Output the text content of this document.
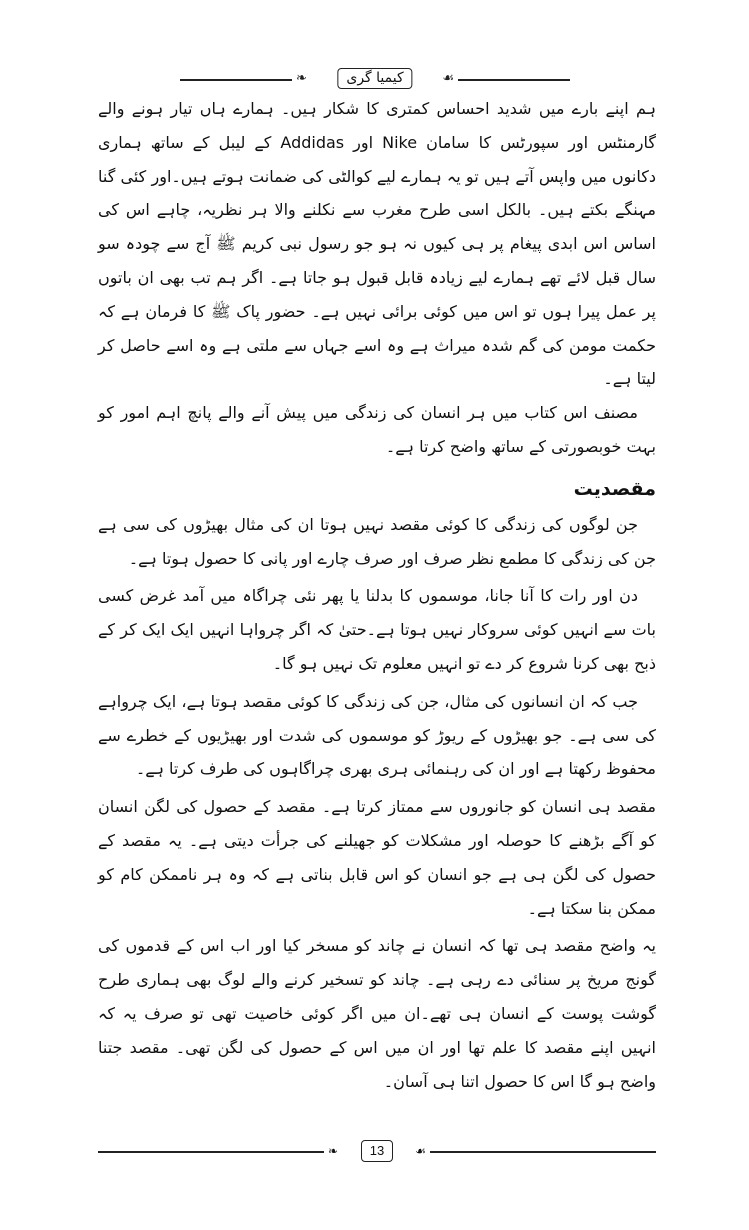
❧	کیمیا گری	☙

ہم اپنے بارے میں شدید احساس کمتری کا شکار ہیں۔ ہمارے ہاں تیار ہونے والے گارمنٹس اور سپورٹس کا سامان Nike اور Addidas کے لیبل کے ساتھ ہماری دکانوں میں واپس آتے ہیں تو یہ ہمارے لیے کوالٹی کی ضمانت ہوتے ہیں۔اور کئی گنا مہنگے بکتے ہیں۔ بالکل اسی طرح مغرب سے نکلنے والا ہر نظریہ، چاہے اس کی اساس اس ابدی پیغام پر ہی کیوں نہ ہو جو رسول نبی کریم ﷺ آج سے چودہ سو سال قبل لائے تھے ہمارے لیے زیادہ قابل قبول ہو جاتا ہے۔ اگر ہم تب بھی ان باتوں پر عمل پیرا ہوں تو اس میں کوئی برائی نہیں ہے۔ حضور پاک ﷺ کا فرمان ہے کہ حکمت مومن کی گم شدہ میراث ہے وہ اسے جہاں سے ملتی ہے وہ اسے حاصل کر لیتا ہے۔

مصنف اس کتاب میں ہر انسان کی زندگی میں پیش آنے والے پانچ اہم امور کو بہت خوبصورتی کے ساتھ واضح کرتا ہے۔

مقصدیت

جن لوگوں کی زندگی کا کوئی مقصد نہیں ہوتا ان کی مثال بھیڑوں کی سی ہے جن کی زندگی کا مطمع نظر صرف اور صرف چارے اور پانی کا حصول ہوتا ہے۔

دن اور رات کا آنا جانا، موسموں کا بدلنا یا پھر نئی چراگاہ میں آمد غرض کسی بات سے انہیں کوئی سروکار نہیں ہوتا ہے۔حتیٰ کہ اگر چرواہا انہیں ایک ایک کر کے ذبح بھی کرنا شروع کر دے تو انہیں معلوم تک نہیں ہو گا۔

جب کہ ان انسانوں کی مثال، جن کی زندگی کا کوئی مقصد ہوتا ہے، ایک چرواہے کی سی ہے۔ جو بھیڑوں کے ریوڑ کو موسموں کی شدت اور بھیڑیوں کے خطرے سے محفوظ رکھتا ہے اور ان کی رہنمائی ہری بھری چراگاہوں کی طرف کرتا ہے۔

مقصد ہی انسان کو جانوروں سے ممتاز کرتا ہے۔ مقصد کے حصول کی لگن انسان کو آگے بڑھنے کا حوصلہ اور مشکلات کو جھیلنے کی جرأت دیتی ہے۔ یہ مقصد کے حصول کی لگن ہی ہے جو انسان کو اس قابل بناتی ہے کہ وہ ہر ناممکن کام کو ممکن بنا سکتا ہے۔

یہ واضح مقصد ہی تھا کہ انسان نے چاند کو مسخر کیا اور اب اس کے قدموں کی گونج مریخ پر سنائی دے رہی ہے۔ چاند کو تسخیر کرنے والے لوگ بھی ہماری طرح گوشت پوست کے انسان ہی تھے۔ان میں اگر کوئی خاصیت تھی تو صرف یہ کہ انہیں اپنے مقصد کا علم تھا اور ان میں اس کے حصول کی لگن تھی۔ مقصد جتنا واضح ہو گا اس کا حصول اتنا ہی آسان۔

❧	13	☙
